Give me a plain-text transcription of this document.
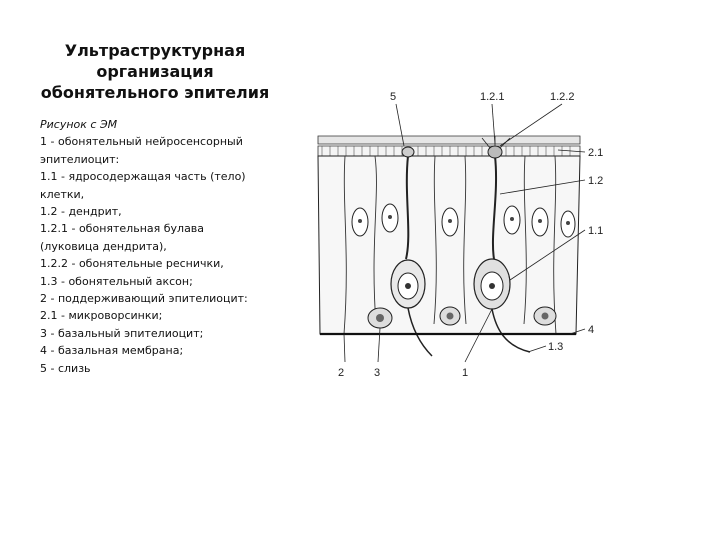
Ультраструктурная
организация
обонятельного эпителия
Рисунок с ЭМ
1 - обонятельный нейросенсорный
эпителиоцит:
1.1 - ядросодержащая часть (тело)
клетки,
1.2 - дендрит,
1.2.1 - обонятельная булава
(луковица дендрита),
1.2.2 - обонятельные реснички,
1.3 - обонятельный аксон;
2 - поддерживающий эпителиоцит:
2.1 - микроворсинки;
3 - базальный эпителиоцит;
4 - базальная мембрана;
5 - слизь
5	1.2.1	1.2.2
2.1
1.2
1.1
4
1.3
2	3	1
